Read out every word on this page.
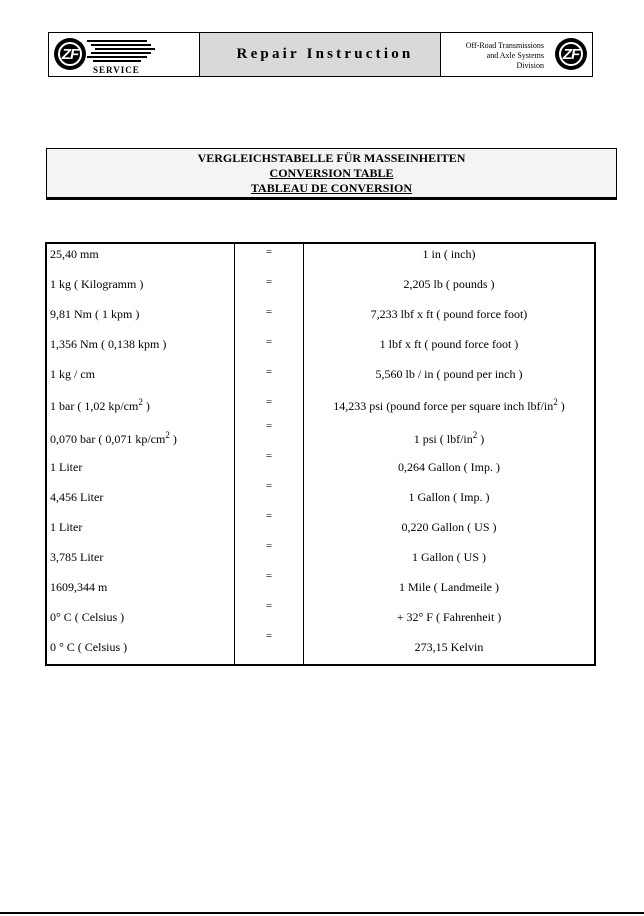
ZF
SERVICE
Repair Instruction
Off-Road Transmissions
and Axle Systems
Division
ZF
VERGLEICHSTABELLE FÜR MASSEINHEITEN
CONVERSION TABLE
TABLEAU DE CONVERSION
25,40 mm	=	1 in ( inch)

1 kg ( Kilogramm )	=	2,205 lb ( pounds )

9,81 Nm ( 1 kpm )	=	7,233 lbf x ft ( pound force foot)

1,356 Nm ( 0,138 kpm )	=	1 lbf x ft ( pound force foot )

1 kg / cm	=	5,560 lb / in ( pound per inch )

1 bar ( 1,02 $kp/cm^2$ )	=	14,233 psi (pound force per square inch lbf/$in^2$ )

0,070 bar ( 0,071 $kp/cm^2$ )	=	1 psi ( lbf/$in^2$ )

1 Liter	=	0,264 Gallon ( Imp. )

4,456 Liter	=	1 Gallon ( Imp. )

1 Liter	=	0,220 Gallon ( US )

3,785 Liter	=	1 Gallon ( US )

1609,344 m	=	1 Mile ( Landmeile )

0° C ( Celsius )	=	+ 32° F ( Fahrenheit )

0 ° C ( Celsius )	=	273,15 Kelvin
